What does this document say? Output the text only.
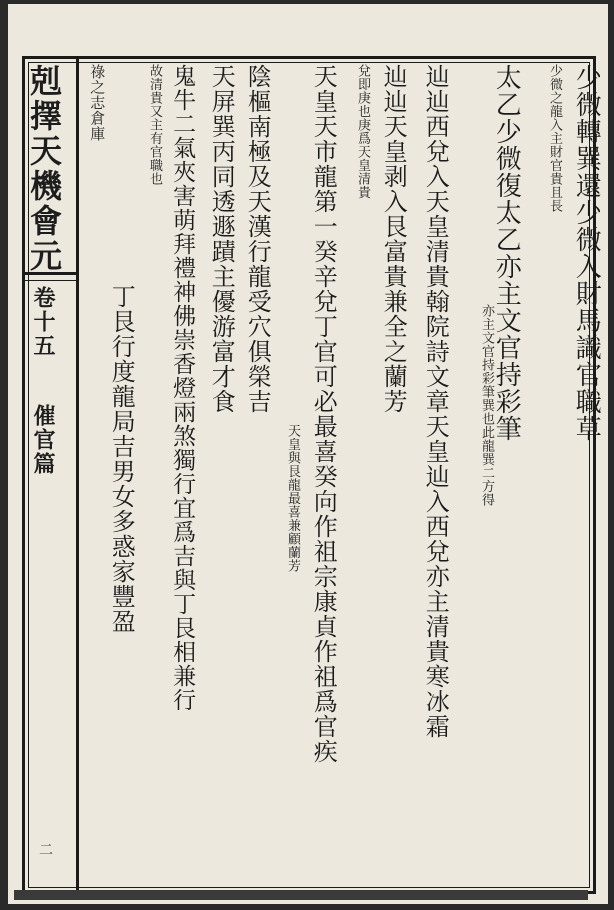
剋擇天機會元
卷十五
催官篇
二
少微轉巽還少微入財馬識官職草
少微之龍入主財官貴且長
太乙少微復太乙亦主文官持彩筆
亦主文官持彩筆巽也此龍巽二方得
辿辿西兌入天皇清貴翰院詩文章天皇辿入西兌亦主清貴寒冰霜
辿辿天皇剥入艮富貴兼全之蘭芳
兌即庚也庚爲天皇清貴
天皇天市龍第一癸辛兌丁官可必最喜癸向作祖宗康貞作祖爲官疾
天皇與艮龍最喜兼顧蘭芳
陰樞南極及天漢行龍受穴俱榮吉
天屏巽丙同透遯蹟主優游富才食
鬼牛二氣夾害萌拜禮神佛崇香燈兩煞獨行宜爲吉與丁艮相兼行
故清貴又主有官職也
丁艮行度龍局吉男女多惑家豐盈
祿之志倉庫
